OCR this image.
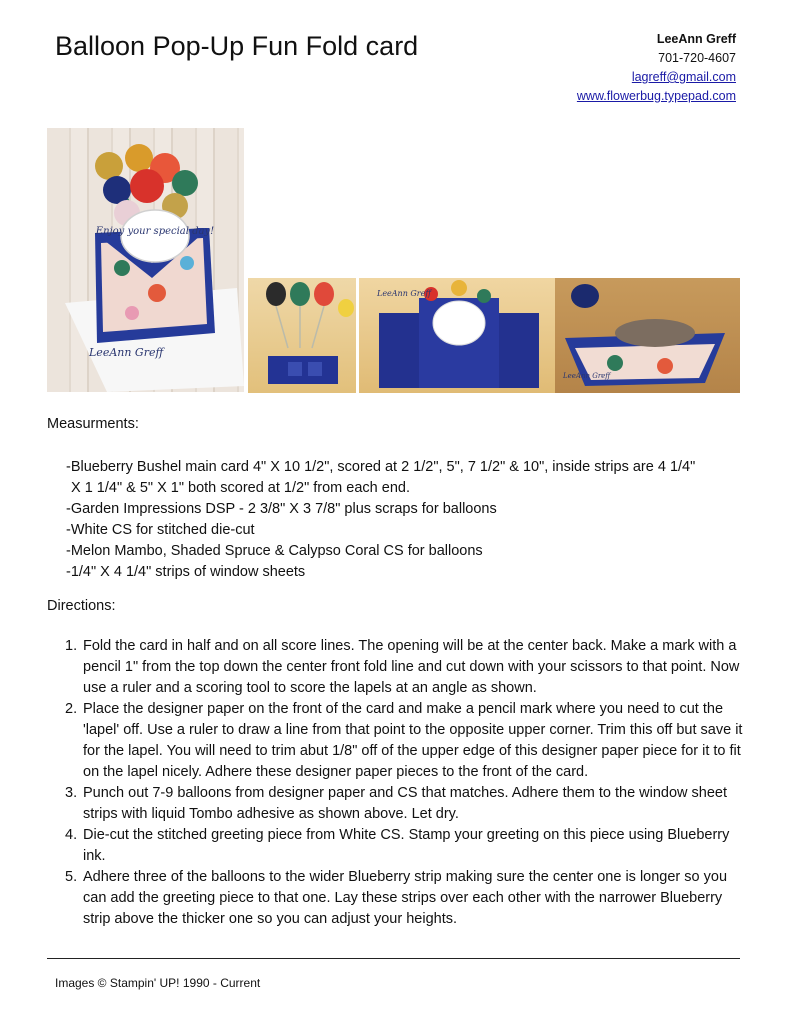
Balloon Pop-Up Fun Fold card	LeeAnn Greff
701-720-4607
lagreff@gmail.com
www.flowerbug.typepad.com
Enjoy your special day!
LeeAnn Greff
LeeAnn Greff
LeeAnn Greff
Measurments:
-Blueberry Bushel main card 4" X 10 1/2", scored at 2 1/2", 5", 7 1/2" & 10", inside strips are 4 1/4"
X 1 1/4" & 5" X 1" both scored at 1/2" from each end.
-Garden Impressions DSP - 2 3/8" X 3 7/8" plus scraps for balloons
-White CS for stitched die-cut
-Melon Mambo, Shaded Spruce & Calypso Coral CS for balloons
-1/4" X 4 1/4" strips of window sheets
Directions:
1. Fold the card in half and on all score lines. The opening will be at the center back. Make a mark with a pencil 1" from the top down the center front fold line and cut down with your scissors to that point. Now use a ruler and a scoring tool to score the lapels at an angle as shown.
2. Place the designer paper on the front of the card and make a pencil mark where you need to cut the 'lapel' off. Use a ruler to draw a line from that point to the opposite upper corner. Trim this off but save it for the lapel. You will need to trim abut 1/8" off of the upper edge of this designer paper piece for it to fit on the lapel nicely. Adhere these designer paper pieces to the front of the card.
3. Punch out 7-9 balloons from designer paper and CS that matches. Adhere them to the window sheet strips with liquid Tombo adhesive as shown above. Let dry.
4. Die-cut the stitched greeting piece from White CS. Stamp your greeting on this piece using Blueberry ink.
5. Adhere three of the balloons to the wider Blueberry strip making sure the center one is longer so you can add the greeting piece to that one. Lay these strips over each other with the narrower Blueberry strip above the thicker one so you can adjust your heights.
Images © Stampin' UP! 1990 - Current
